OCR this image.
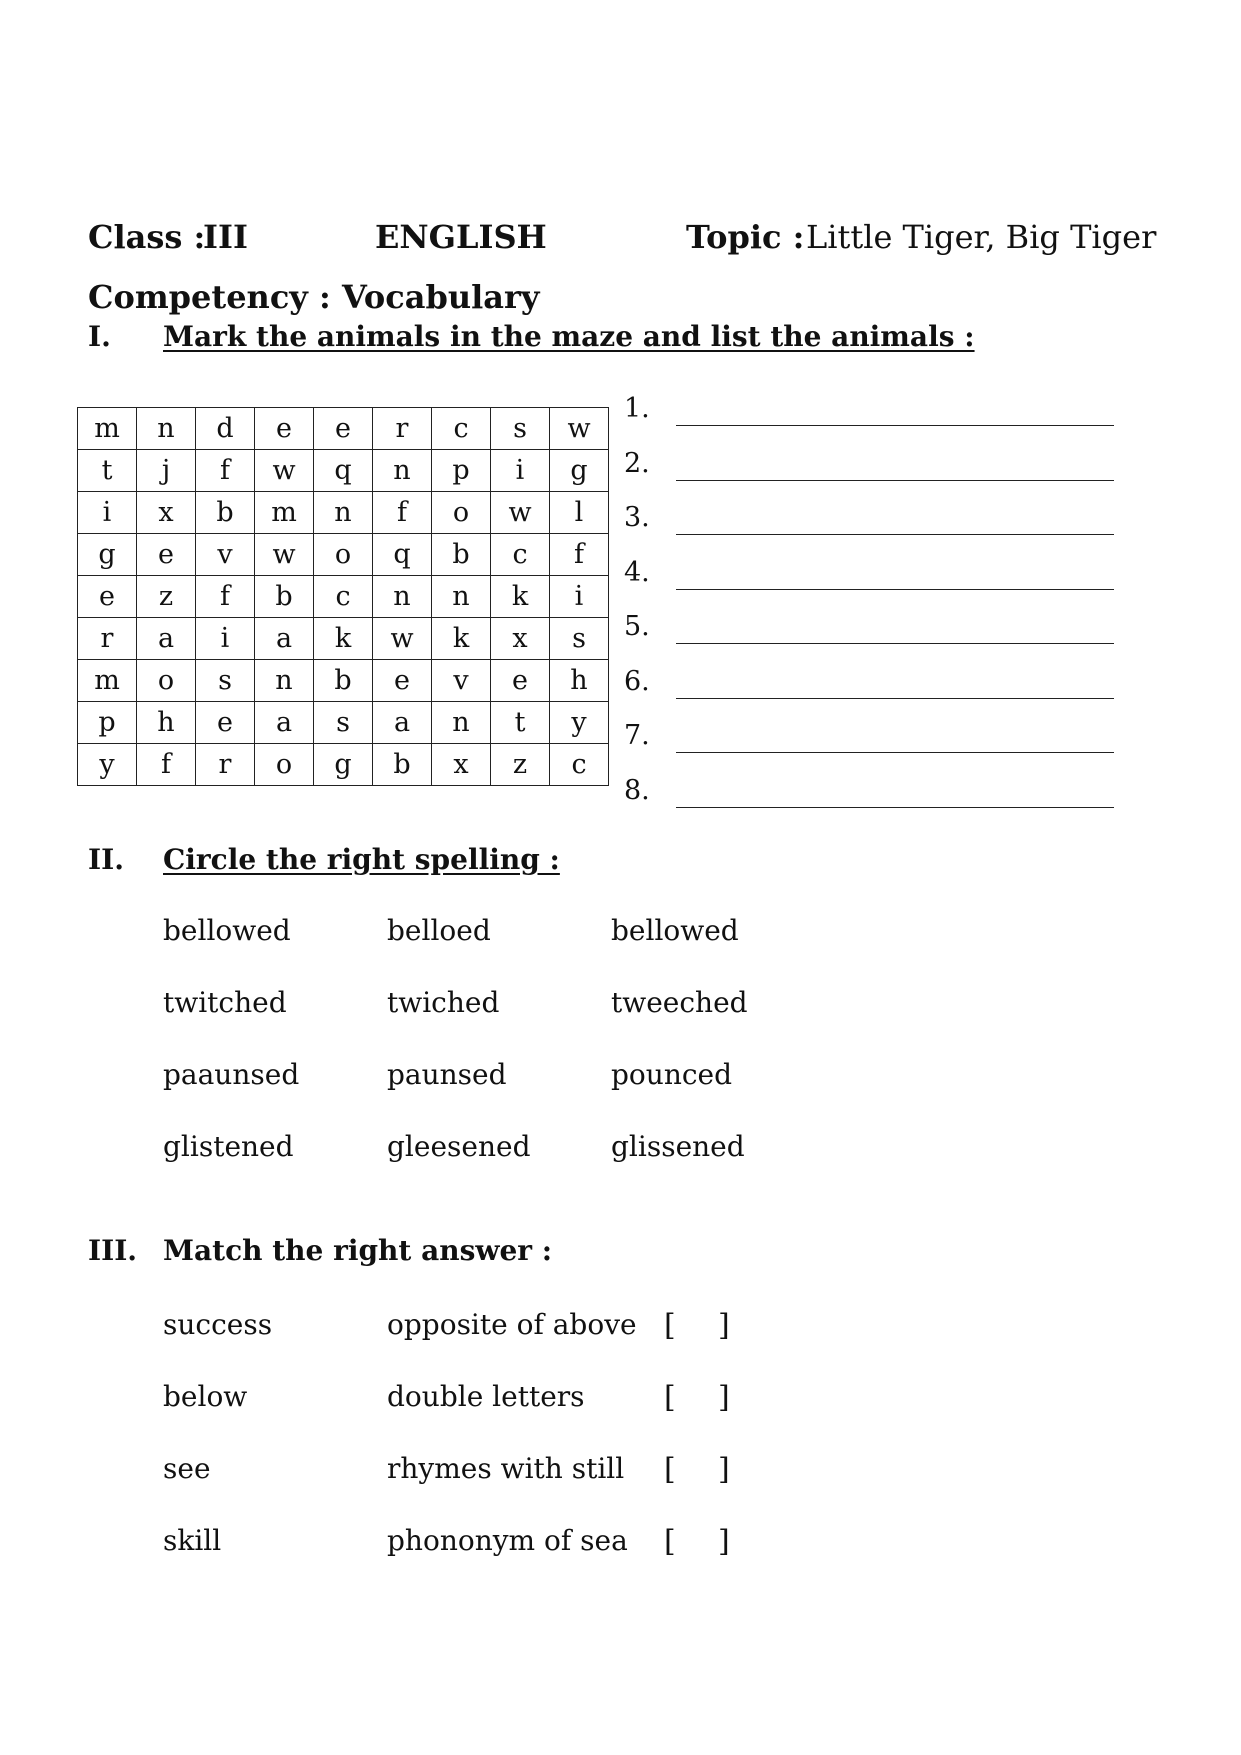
Class :
III	ENGLISH	Topic : Little Tiger, Big Tiger
Competency : Vocabulary
I. Mark the animals in the maze and list the animals :
m	n	d	e	e	r	c	s	w
t	j	f	w	q	n	p	i	g
i	x	b	m	n	f	o	w	l
g	e	v	w	o	q	b	c	f
e	z	f	b	c	n	n	k	i
r	a	i	a	k	w	k	x	s
m	o	s	n	b	e	v	e	h
p	h	e	a	s	a	n	t	y
y	f	r	o	g	b	x	z	c
1.
2.
3.
4.
5.
6.
7.
8.
II. Circle the right spelling :
bellowed	belloed	bellowed
twitched	twiched	tweeched
paaunsed	paunsed	pounced
glistened	gleesened	glissened
III. Match the right answer :
success	opposite of above [ ]
below	double letters	[ ]
see	rhymes with still [ ]
skill	phononym of sea [ ]
